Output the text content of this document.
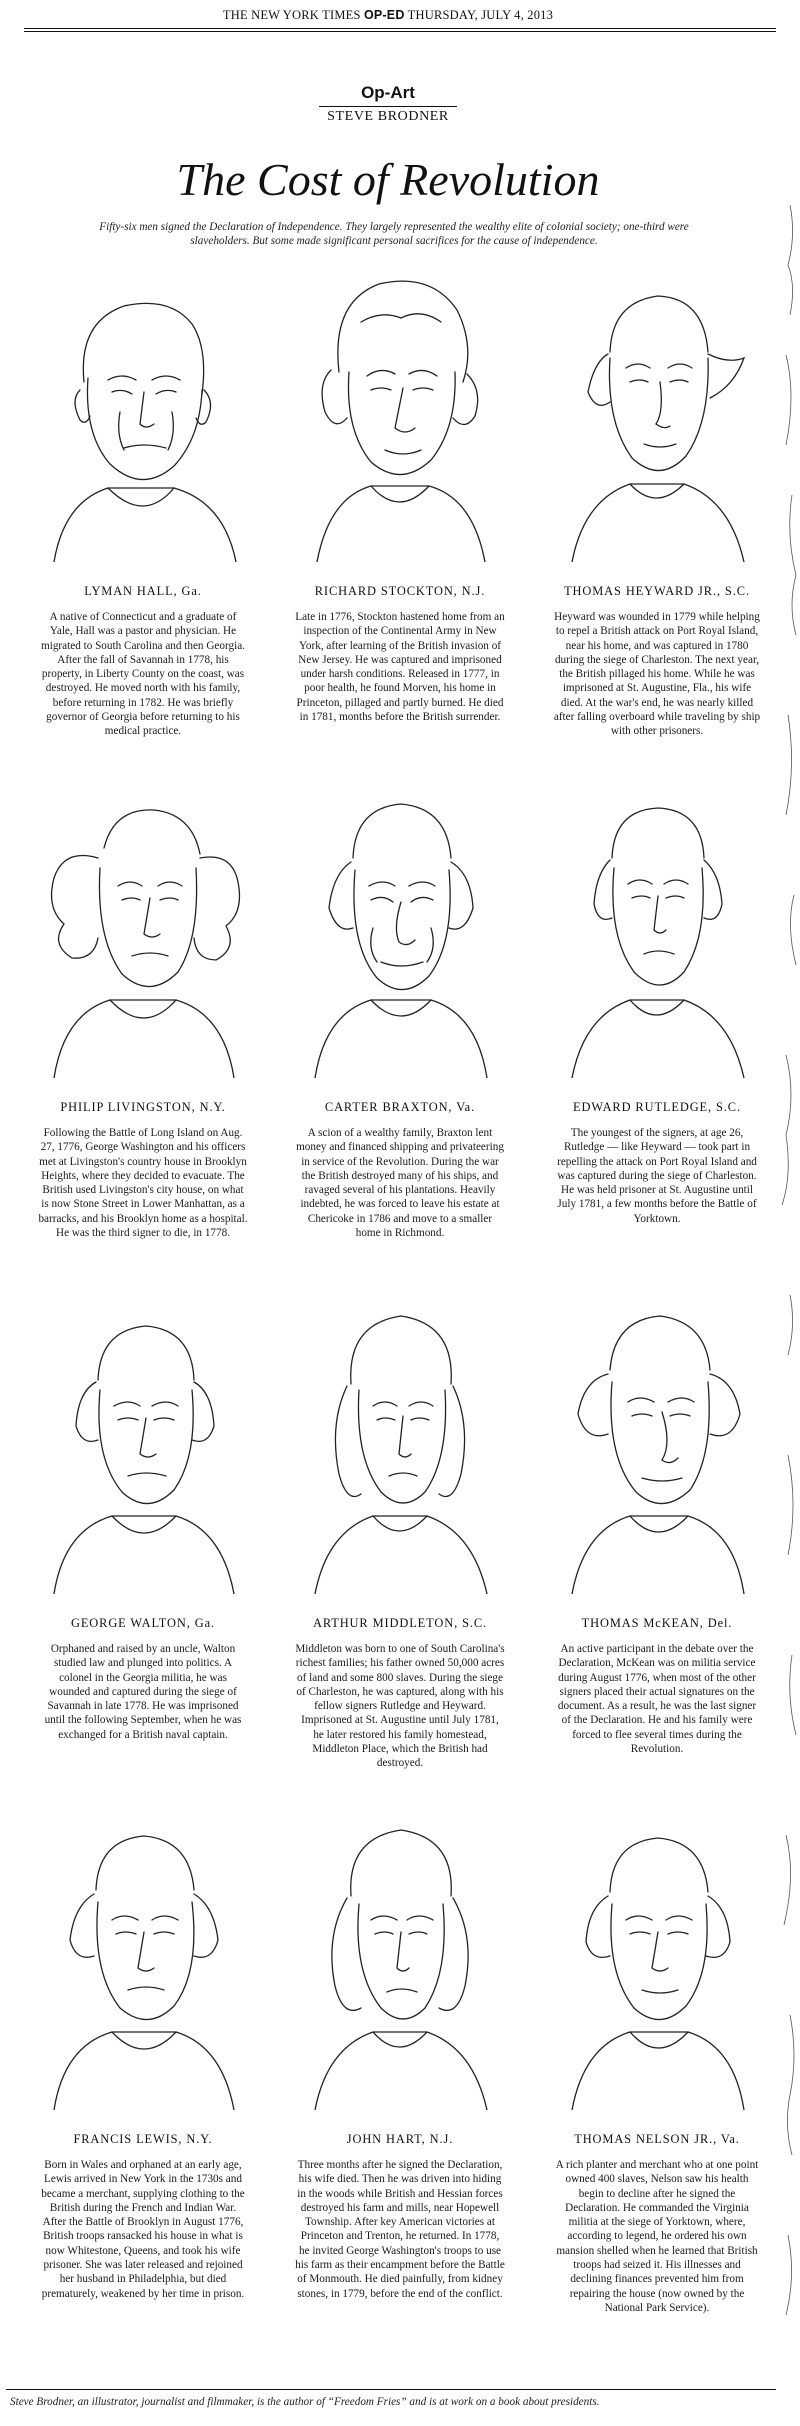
THE NEW YORK TIMES OP-ED THURSDAY, JULY 4, 2013
Op-Art
STEVE BRODNER
The Cost of Revolution
Fifty-six men signed the Declaration of Independence. They largely represented the wealthy elite of colonial society; one-third were slaveholders. But some made significant personal sacrifices for the cause of independence.
LYMAN HALL, Ga.
A native of Connecticut and a graduate of Yale, Hall was a pastor and physician. He migrated to South Carolina and then Georgia. After the fall of Savannah in 1778, his property, in Liberty County on the coast, was destroyed. He moved north with his family, before returning in 1782. He was briefly governor of Georgia before returning to his medical practice.
RICHARD STOCKTON, N.J.
Late in 1776, Stockton hastened home from an inspection of the Continental Army in New York, after learning of the British invasion of New Jersey. He was captured and imprisoned under harsh conditions. Released in 1777, in poor health, he found Morven, his home in Princeton, pillaged and partly burned. He died in 1781, months before the British surrender.
THOMAS HEYWARD JR., S.C.
Heyward was wounded in 1779 while helping to repel a British attack on Port Royal Island, near his home, and was captured in 1780 during the siege of Charleston. The next year, the British pillaged his home. While he was imprisoned at St. Augustine, Fla., his wife died. At the war's end, he was nearly killed after falling overboard while traveling by ship with other prisoners.
PHILIP LIVINGSTON, N.Y.
Following the Battle of Long Island on Aug. 27, 1776, George Washington and his officers met at Livingston's country house in Brooklyn Heights, where they decided to evacuate. The British used Livingston's city house, on what is now Stone Street in Lower Manhattan, as a barracks, and his Brooklyn home as a hospital. He was the third signer to die, in 1778.
CARTER BRAXTON, Va.
A scion of a wealthy family, Braxton lent money and financed shipping and privateering in service of the Revolution. During the war the British destroyed many of his ships, and ravaged several of his plantations. Heavily indebted, he was forced to leave his estate at Chericoke in 1786 and move to a smaller home in Richmond.
EDWARD RUTLEDGE, S.C.
The youngest of the signers, at age 26, Rutledge — like Heyward — took part in repelling the attack on Port Royal Island and was captured during the siege of Charleston. He was held prisoner at St. Augustine until July 1781, a few months before the Battle of Yorktown.
GEORGE WALTON, Ga.
Orphaned and raised by an uncle, Walton studied law and plunged into politics. A colonel in the Georgia militia, he was wounded and captured during the siege of Savannah in late 1778. He was imprisoned until the following September, when he was exchanged for a British naval captain.
ARTHUR MIDDLETON, S.C.
Middleton was born to one of South Carolina's richest families; his father owned 50,000 acres of land and some 800 slaves. During the siege of Charleston, he was captured, along with his fellow signers Rutledge and Heyward. Imprisoned at St. Augustine until July 1781, he later restored his family homestead, Middleton Place, which the British had destroyed.
THOMAS McKEAN, Del.
An active participant in the debate over the Declaration, McKean was on militia service during August 1776, when most of the other signers placed their actual signatures on the document. As a result, he was the last signer of the Declaration. He and his family were forced to flee several times during the Revolution.
FRANCIS LEWIS, N.Y.
Born in Wales and orphaned at an early age, Lewis arrived in New York in the 1730s and became a merchant, supplying clothing to the British during the French and Indian War. After the Battle of Brooklyn in August 1776, British troops ransacked his house in what is now Whitestone, Queens, and took his wife prisoner. She was later released and rejoined her husband in Philadelphia, but died prematurely, weakened by her time in prison.
JOHN HART, N.J.
Three months after he signed the Declaration, his wife died. Then he was driven into hiding in the woods while British and Hessian forces destroyed his farm and mills, near Hopewell Township. After key American victories at Princeton and Trenton, he returned. In 1778, he invited George Washington's troops to use his farm as their encampment before the Battle of Monmouth. He died painfully, from kidney stones, in 1779, before the end of the conflict.
THOMAS NELSON JR., Va.
A rich planter and merchant who at one point owned 400 slaves, Nelson saw his health begin to decline after he signed the Declaration. He commanded the Virginia militia at the siege of Yorktown, where, according to legend, he ordered his own mansion shelled when he learned that British troops had seized it. His illnesses and declining finances prevented him from repairing the house (now owned by the National Park Service).
Steve Brodner, an illustrator, journalist and filmmaker, is the author of “Freedom Fries” and is at work on a book about presidents.
